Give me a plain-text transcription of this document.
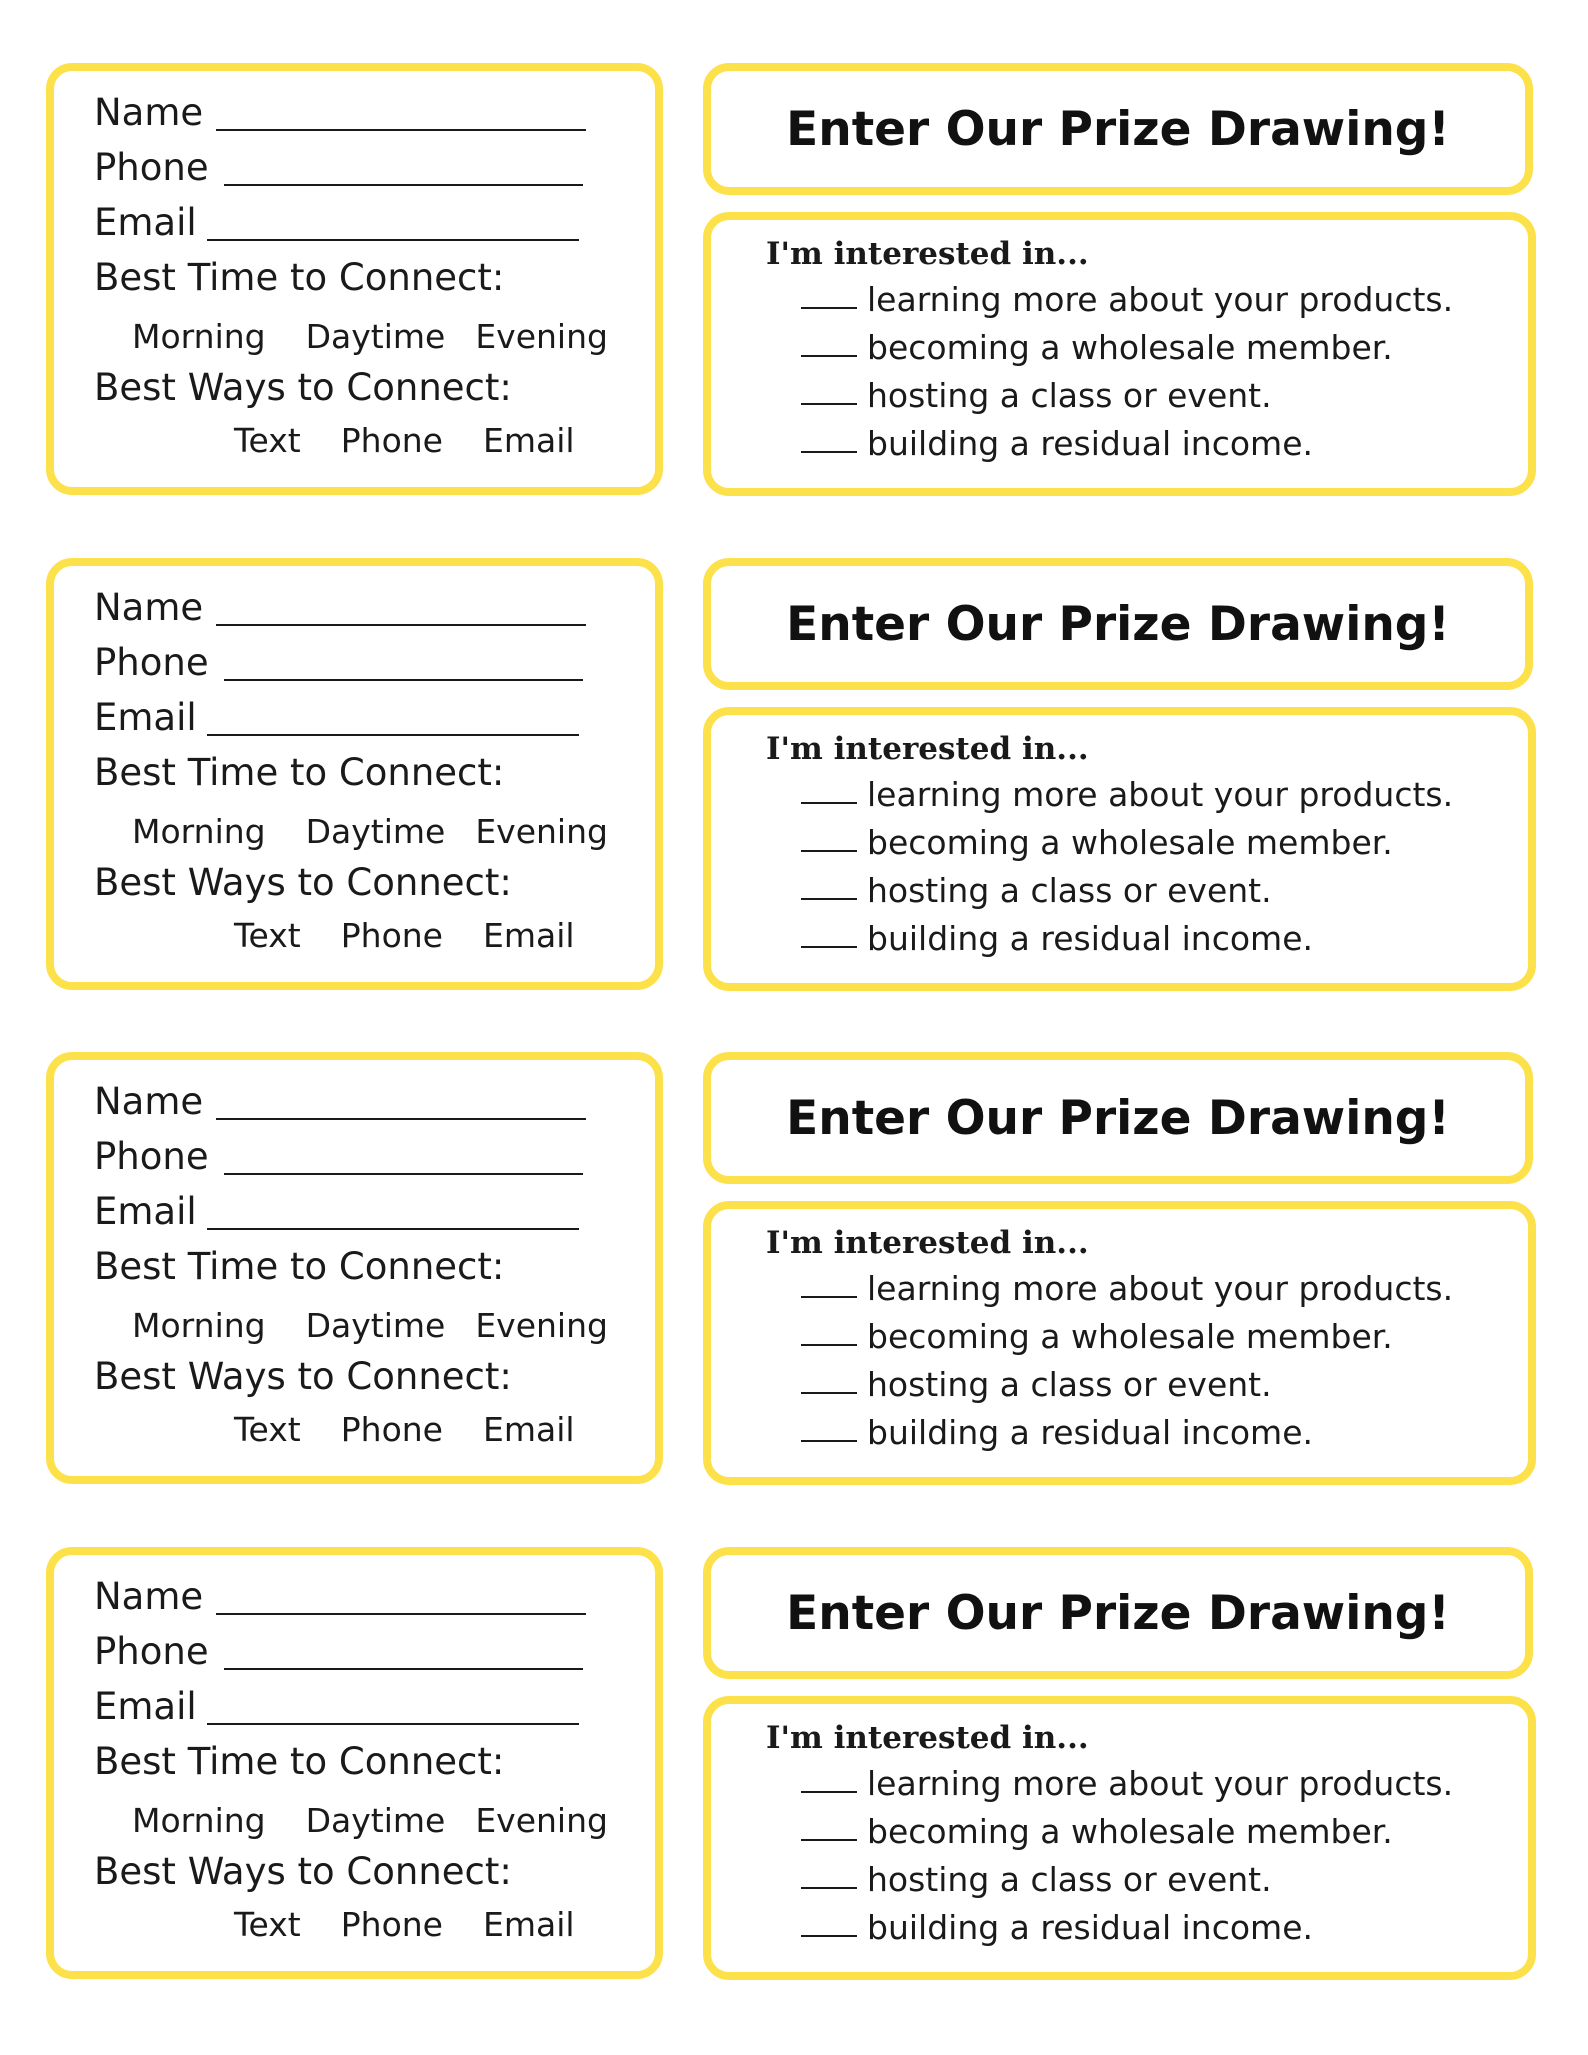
Name
Phone
Email
Best Time to Connect:
Morning Daytime Evening
Best Ways to Connect:
Text Phone Email
Enter Our Prize Drawing!
I'm interested in...
learning more about your products.
becoming a wholesale member.
hosting a class or event.
building a residual income.
Name
Phone
Email
Best Time to Connect:
Morning Daytime Evening
Best Ways to Connect:
Text Phone Email
Enter Our Prize Drawing!
I'm interested in...
learning more about your products.
becoming a wholesale member.
hosting a class or event.
building a residual income.
Name
Phone
Email
Best Time to Connect:
Morning Daytime Evening
Best Ways to Connect:
Text Phone Email
Enter Our Prize Drawing!
I'm interested in...
learning more about your products.
becoming a wholesale member.
hosting a class or event.
building a residual income.
Name
Phone
Email
Best Time to Connect:
Morning Daytime Evening
Best Ways to Connect:
Text Phone Email
Enter Our Prize Drawing!
I'm interested in...
learning more about your products.
becoming a wholesale member.
hosting a class or event.
building a residual income.
